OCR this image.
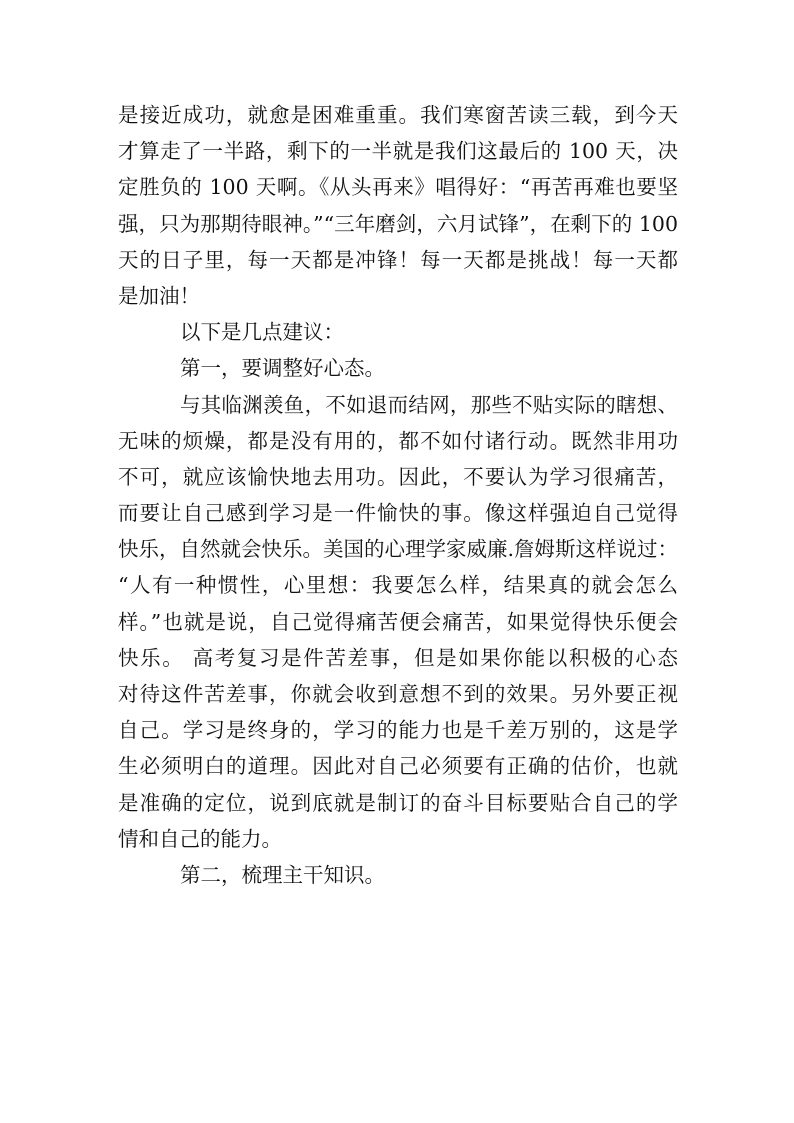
是接近成功，就愈是困难重重。我们寒窗苦读三载，到今天
才算走了一半路，剩下的一半就是我们这最后的 100 天，决
定胜负的 100 天啊。《从头再来》唱得好：“再苦再难也要坚
强，只为那期待眼神。”“三年磨剑，六月试锋”，在剩下的 100
天的日子里，每一天都是冲锋！每一天都是挑战！每一天都
是加油！
以下是几点建议：
第一，要调整好心态。
与其临渊羡鱼，不如退而结网，那些不贴实际的瞎想、
无味的烦燥，都是没有用的，都不如付诸行动。既然非用功
不可，就应该愉快地去用功。因此，不要认为学习很痛苦，
而要让自己感到学习是一件愉快的事。像这样强迫自己觉得
快乐，自然就会快乐。美国的心理学家威廉.詹姆斯这样说过：
“人有一种惯性，心里想：我要怎么样，结果真的就会怎么
样。”也就是说，自己觉得痛苦便会痛苦，如果觉得快乐便会
快乐。 高考复习是件苦差事，但是如果你能以积极的心态
对待这件苦差事，你就会收到意想不到的效果。另外要正视
自己。学习是终身的，学习的能力也是千差万别的，这是学
生必须明白的道理。因此对自己必须要有正确的估价，也就
是准确的定位，说到底就是制订的奋斗目标要贴合自己的学
情和自己的能力。
第二，梳理主干知识。
